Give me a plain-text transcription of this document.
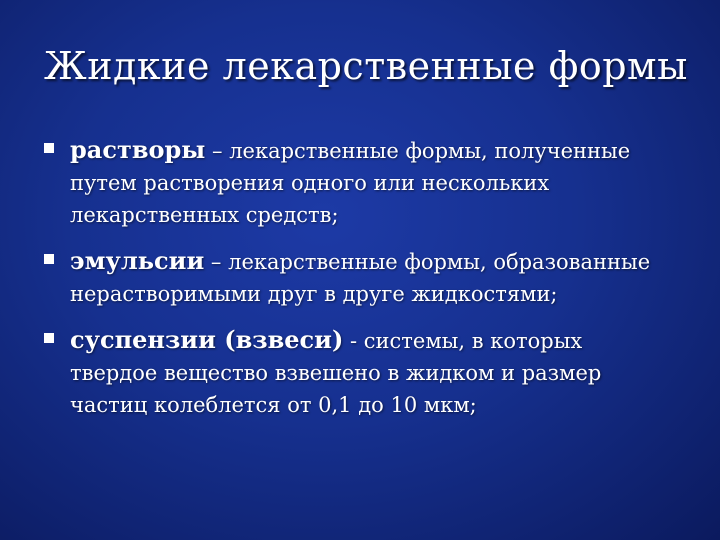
Жидкие лекарственные формы
растворы – лекарственные формы, полученные
путем растворения одного или нескольких
лекарственных средств;
эмульсии – лекарственные формы, образованные
нерастворимыми друг в друге жидкостями;
суспензии (взвеси) - системы, в которых
твердое вещество взвешено в жидком и размер
частиц колеблется от 0,1 до 10 мкм;
